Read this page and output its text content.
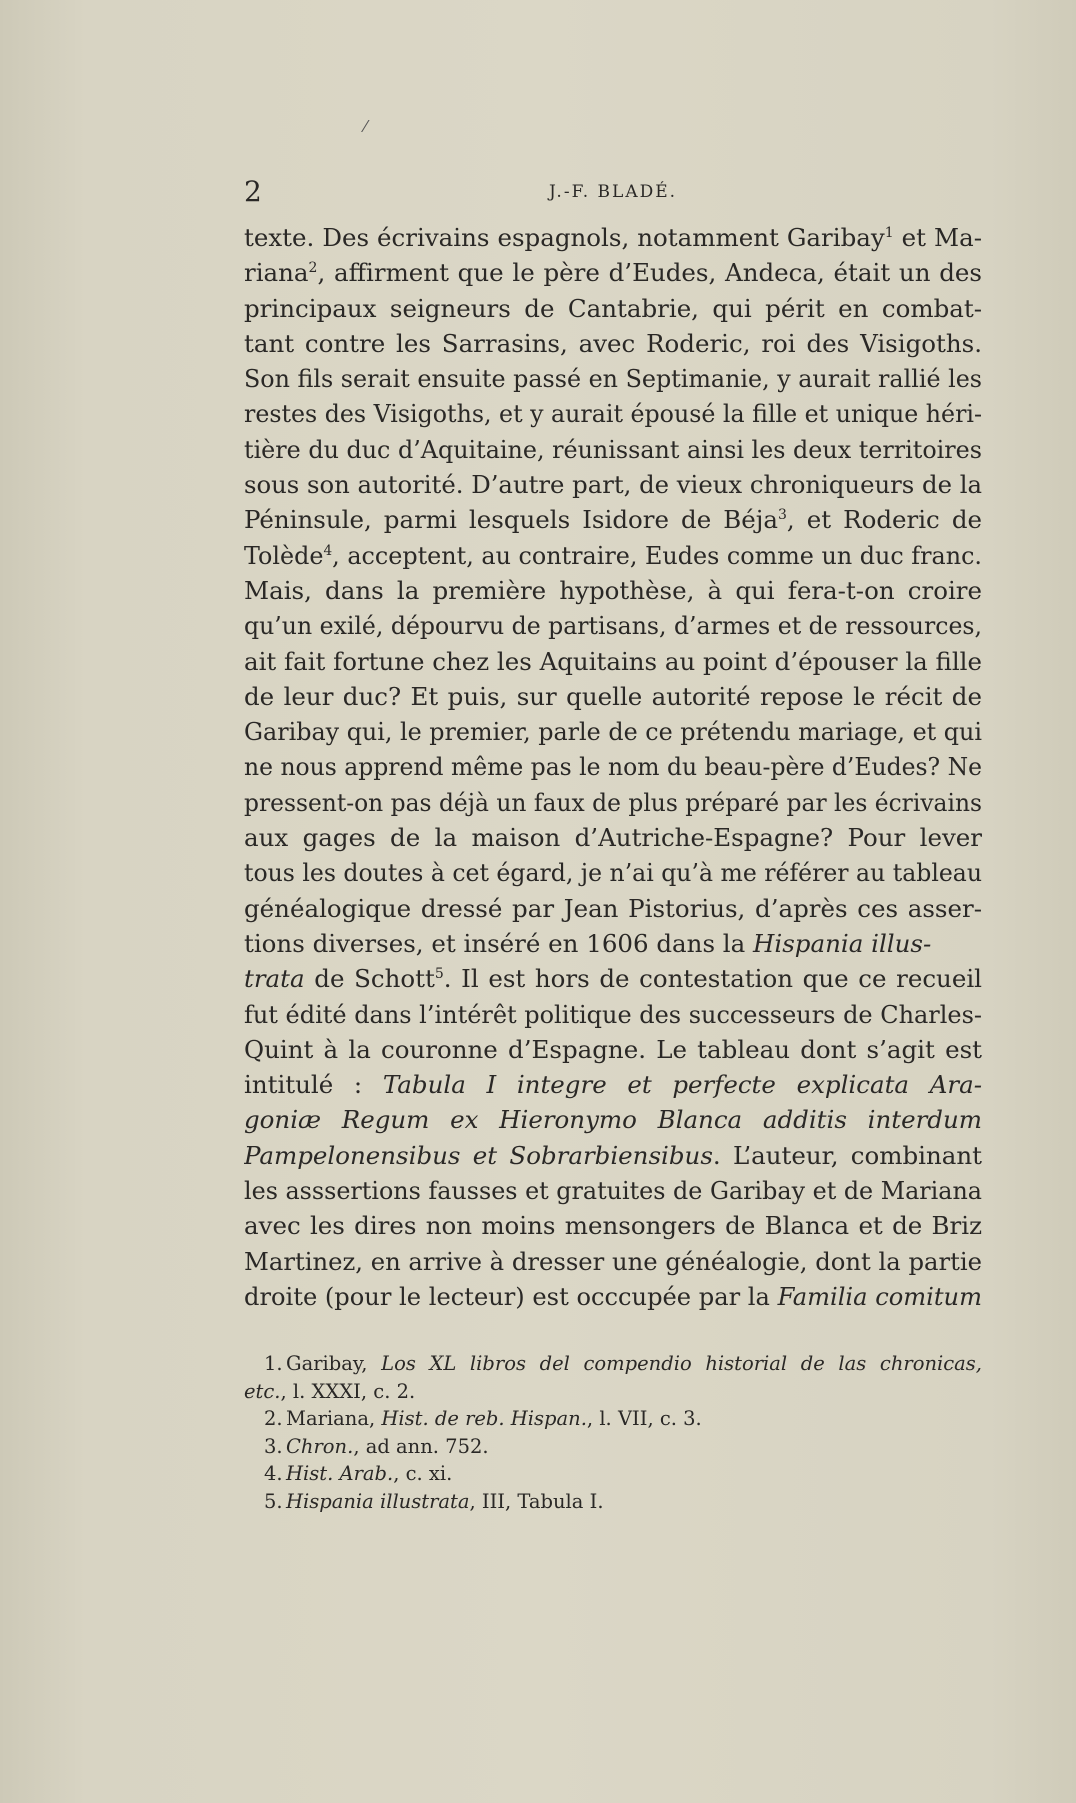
⁄
2	J.-F. BLADÉ.
texte. Des écrivains espagnols, notamment Garibay$^1$ et Ma-
riana$^2$, affirment que le père d’Eudes, Andeca, était un des
principaux seigneurs de Cantabrie, qui périt en combat-
tant contre les Sarrasins, avec Roderic, roi des Visigoths.
Son fils serait ensuite passé en Septimanie, y aurait rallié les
restes des Visigoths, et y aurait épousé la fille et unique héri-
tière du duc d’Aquitaine, réunissant ainsi les deux territoires
sous son autorité. D’autre part, de vieux chroniqueurs de la
Péninsule, parmi lesquels Isidore de Béja$^3$, et Roderic de
Tolède$^4$, acceptent, au contraire, Eudes comme un duc franc.
Mais, dans la première hypothèse, à qui fera-t-on croire
qu’un exilé, dépourvu de partisans, d’armes et de ressources,
ait fait fortune chez les Aquitains au point d’épouser la fille
de leur duc? Et puis, sur quelle autorité repose le récit de
Garibay qui, le premier, parle de ce prétendu mariage, et qui
ne nous apprend même pas le nom du beau-père d’Eudes? Ne
pressent-on pas déjà un faux de plus préparé par les écrivains
aux gages de la maison d’Autriche-Espagne? Pour lever
tous les doutes à cet égard, je n’ai qu’à me référer au tableau
généalogique dressé par Jean Pistorius, d’après ces asser-
tions diverses, et inséré en 1606 dans la Hispania illus-
trata de Schott$^5$. Il est hors de contestation que ce recueil
fut édité dans l’intérêt politique des successeurs de Charles-
Quint à la couronne d’Espagne. Le tableau dont s’agit est
intitulé : Tabula I integre et perfecte explicata Ara-
goniæ Regum ex Hieronymo Blanca additis interdum
Pampelonensibus et Sobrarbiensibus. L’auteur, combinant
les asssertions fausses et gratuites de Garibay et de Mariana
avec les dires non moins mensongers de Blanca et de Briz
Martinez, en arrive à dresser une généalogie, dont la partie
droite (pour le lecteur) est occcupée par la Familia comitum
1. Garibay, Los XL libros del compendio historial de las chronicas,
etc., l. XXXI, c. 2.
2. Mariana, Hist. de reb. Hispan., l. VII, c. 3.
3. Chron., ad ann. 752.
4. Hist. Arab., c. xi.
5. Hispania illustrata, III, Tabula I.
